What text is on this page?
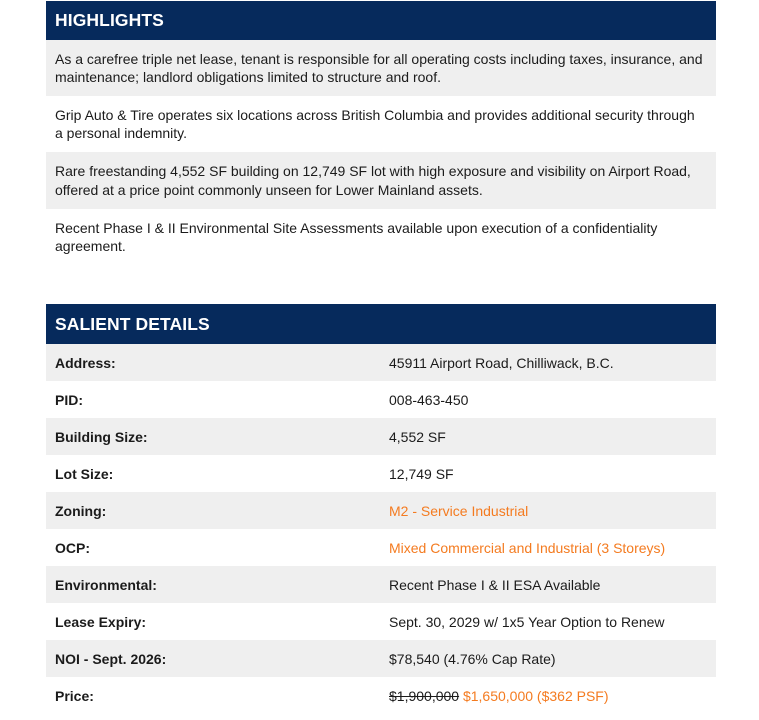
HIGHLIGHTS
As a carefree triple net lease, tenant is responsible for all operating costs including taxes, insurance, and maintenance; landlord obligations limited to structure and roof.
Grip Auto & Tire operates six locations across British Columbia and provides additional security through a personal indemnity.
Rare freestanding 4,552 SF building on 12,749 SF lot with high exposure and visibility on Airport Road, offered at a price point commonly unseen for Lower Mainland assets.
Recent Phase I & II Environmental Site Assessments available upon execution of a confidentiality agreement.
SALIENT DETAILS
Address:	45911 Airport Road, Chilliwack, B.C.
PID:	008-463-450
Building Size:	4,552 SF
Lot Size:	12,749 SF
Zoning:	M2 - Service Industrial
OCP:	Mixed Commercial and Industrial (3 Storeys)
Environmental:	Recent Phase I & II ESA Available
Lease Expiry:	Sept. 30, 2029 w/ 1x5 Year Option to Renew
NOI - Sept. 2026:	$78,540 (4.76% Cap Rate)
Price:	$1,900,000 $1,650,000 ($362 PSF)
